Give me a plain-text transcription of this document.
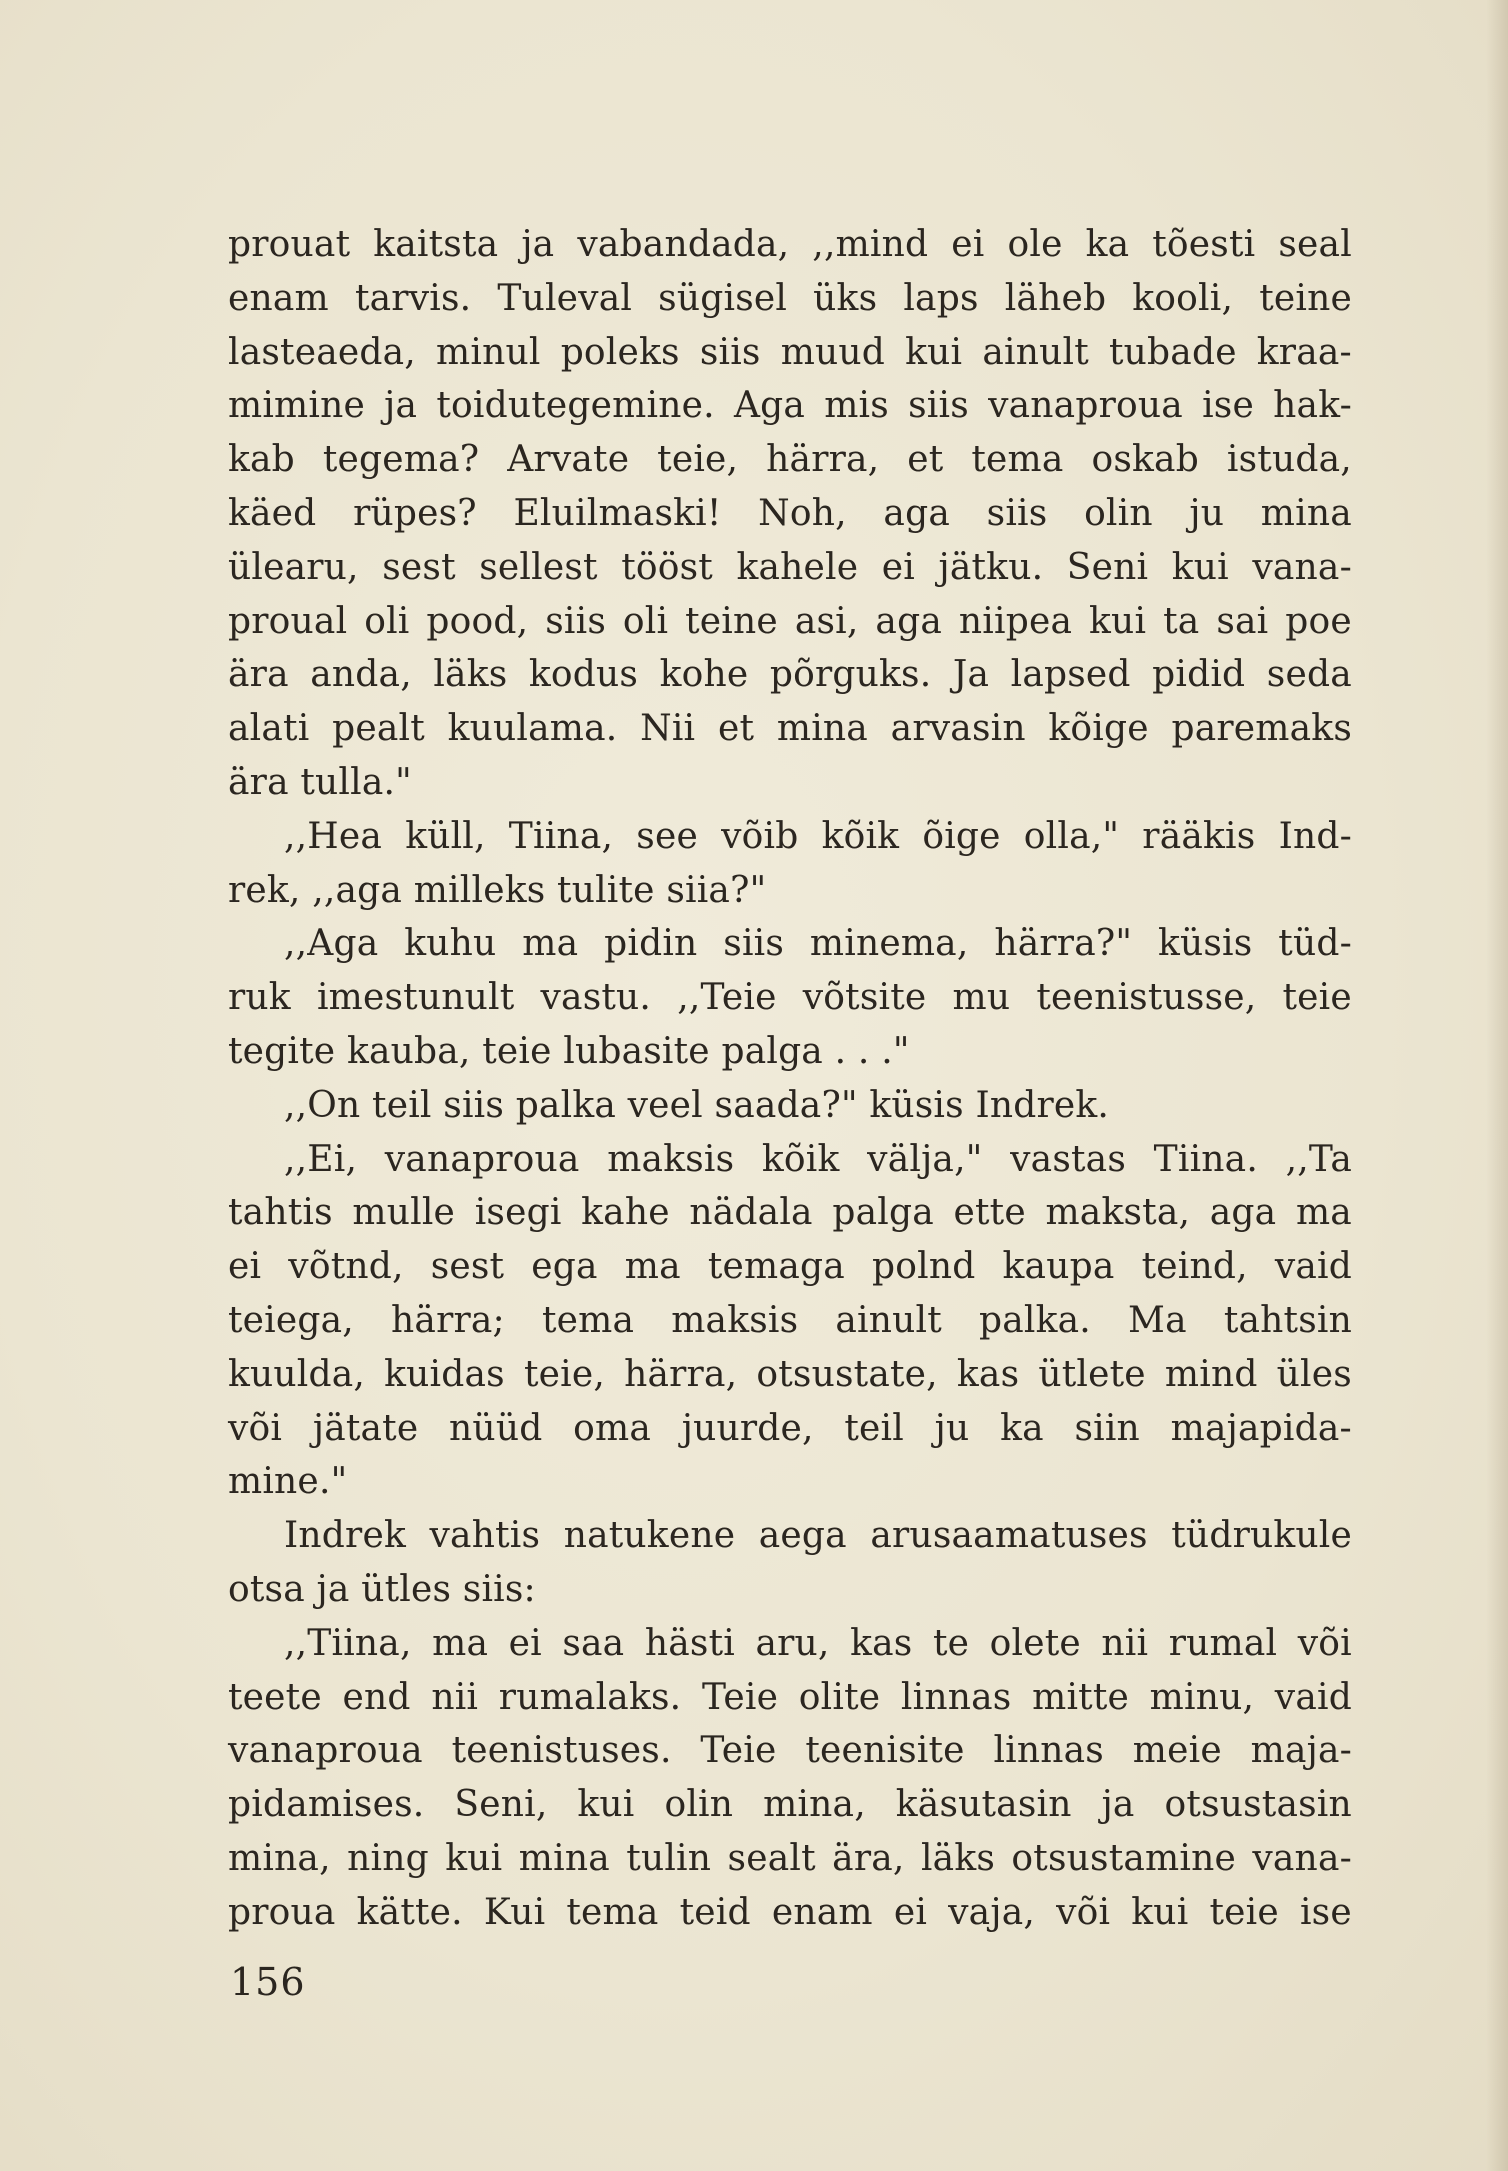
prouat kaitsta ja vabandada, ,,mind ei ole ka tõesti seal
enam tarvis. Tuleval sügisel üks laps läheb kooli, teine
lasteaeda, minul poleks siis muud kui ainult tubade kraa-
mimine ja toidutegemine. Aga mis siis vanaproua ise hak-
kab tegema? Arvate teie, härra, et tema oskab istuda,
käed rüpes? Eluilmaski! Noh, aga siis olin ju mina
ülearu, sest sellest tööst kahele ei jätku. Seni kui vana-
proual oli pood, siis oli teine asi, aga niipea kui ta sai poe
ära anda, läks kodus kohe põrguks. Ja lapsed pidid seda
alati pealt kuulama. Nii et mina arvasin kõige paremaks
ära tulla."
,,Hea küll, Tiina, see võib kõik õige olla," rääkis Ind-
rek, ,,aga milleks tulite siia?"
,,Aga kuhu ma pidin siis minema, härra?" küsis tüd-
ruk imestunult vastu. ,,Teie võtsite mu teenistusse, teie
tegite kauba, teie lubasite palga . . ."
,,On teil siis palka veel saada?" küsis Indrek.
,,Ei, vanaproua maksis kõik välja," vastas Tiina. ,,Ta
tahtis mulle isegi kahe nädala palga ette maksta, aga ma
ei võtnd, sest ega ma temaga polnd kaupa teind, vaid
teiega, härra; tema maksis ainult palka. Ma tahtsin
kuulda, kuidas teie, härra, otsustate, kas ütlete mind üles
või jätate nüüd oma juurde, teil ju ka siin majapida-
mine."
Indrek vahtis natukene aega arusaamatuses tüdrukule
otsa ja ütles siis:
,,Tiina, ma ei saa hästi aru, kas te olete nii rumal või
teete end nii rumalaks. Teie olite linnas mitte minu, vaid
vanaproua teenistuses. Teie teenisite linnas meie maja-
pidamises. Seni, kui olin mina, käsutasin ja otsustasin
mina, ning kui mina tulin sealt ära, läks otsustamine vana-
proua kätte. Kui tema teid enam ei vaja, või kui teie ise
156
